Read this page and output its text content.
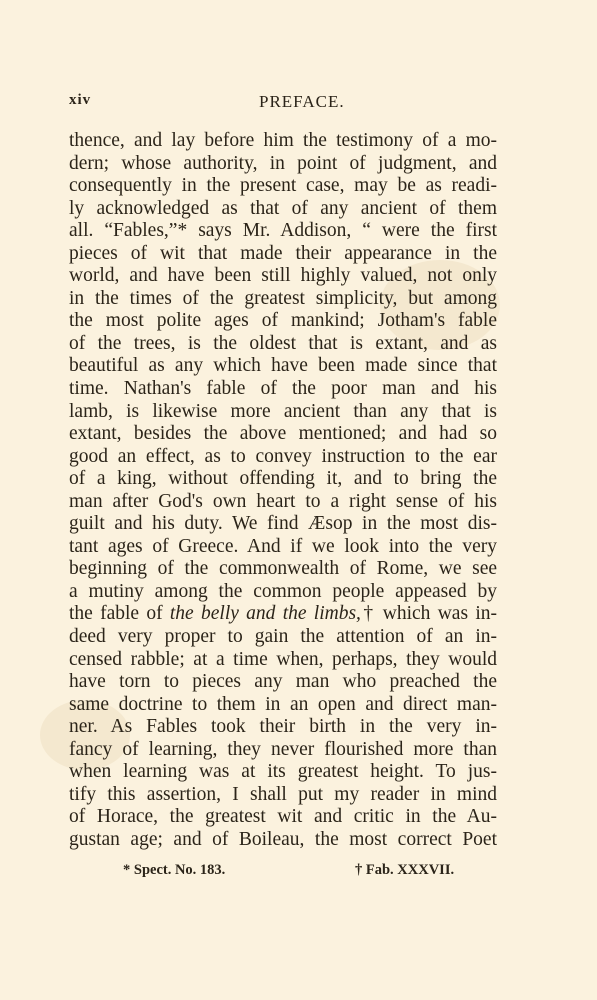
xiv	PREFACE.
thence, and lay before him the testimony of a mo-
dern; whose authority, in point of judgment, and
consequently in the present case, may be as readi-
ly acknowledged as that of any ancient of them
all. “Fables,”* says Mr. Addison, “ were the first
pieces of wit that made their appearance in the
world, and have been still highly valued, not only
in the times of the greatest simplicity, but among
the most polite ages of mankind; Jotham's fable
of the trees, is the oldest that is extant, and as
beautiful as any which have been made since that
time. Nathan's fable of the poor man and his
lamb, is likewise more ancient than any that is
extant, besides the above mentioned; and had so
good an effect, as to convey instruction to the ear
of a king, without offending it, and to bring the
man after God's own heart to a right sense of his
guilt and his duty. We find Æsop in the most dis-
tant ages of Greece. And if we look into the very
beginning of the commonwealth of Rome, we see
a mutiny among the common people appeased by
the fable of the belly and the limbs,† which was in-
deed very proper to gain the attention of an in-
censed rabble; at a time when, perhaps, they would
have torn to pieces any man who preached the
same doctrine to them in an open and direct man-
ner. As Fables took their birth in the very in-
fancy of learning, they never flourished more than
when learning was at its greatest height. To jus-
tify this assertion, I shall put my reader in mind
of Horace, the greatest wit and critic in the Au-
gustan age; and of Boileau, the most correct Poet
* Spect. No. 183.	† Fab. XXXVII.
